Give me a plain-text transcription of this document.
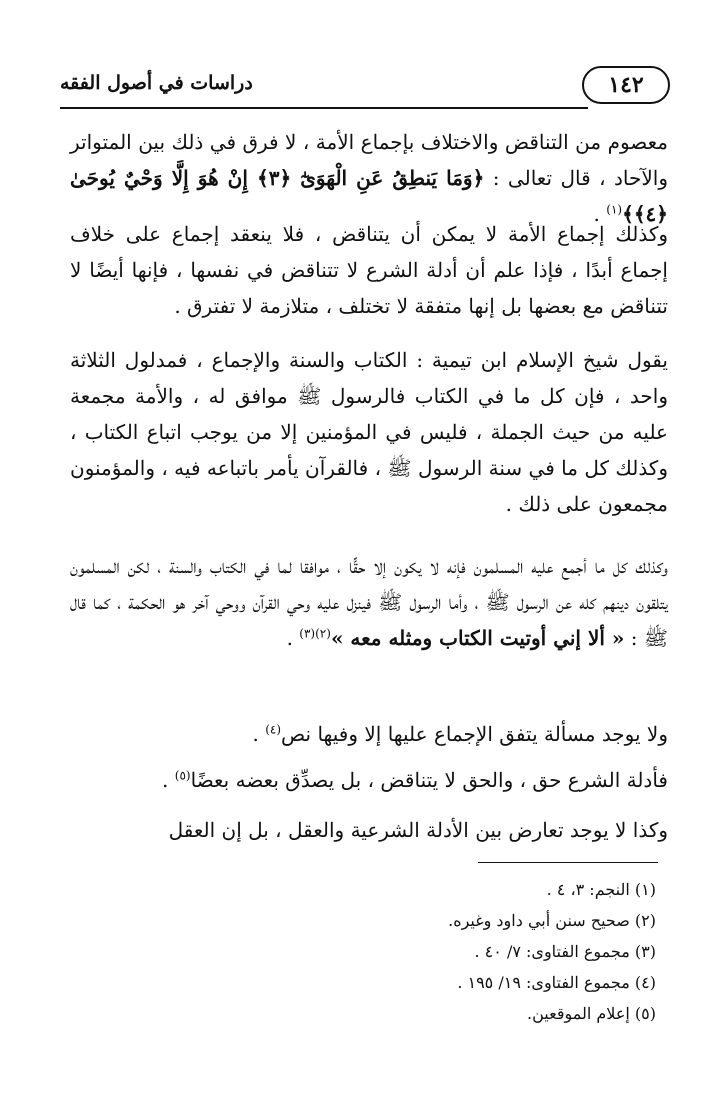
١٤٢
دراسات في أصول الفقه

معصوم من التناقض والاختلاف بإجماع الأمة ، لا فرق في ذلك بين المتواتر والآحاد ، قال تعالى : ﴿وَمَا يَنطِقُ عَنِ الْهَوَىٰٓ ﴿٣﴾ إِنْ هُوَ إِلَّا وَحْيٌ يُوحَىٰ ﴿٤﴾﴾$^{(١)}$ .

وكذلك إجماع الأمة لا يمكن أن يتناقض ، فلا ينعقد إجماع على خلاف إجماع أبدًا ، فإذا علم أن أدلة الشرع لا تتناقض في نفسها ، فإنها أيضًا لا تتناقض مع بعضها بل إنها متفقة لا تختلف ، متلازمة لا تفترق .

يقول شيخ الإسلام ابن تيمية : الكتاب والسنة والإجماع ، فمدلول الثلاثة واحد ، فإن كل ما في الكتاب فالرسول ﷺ موافق له ، والأمة مجمعة عليه من حيث الجملة ، فليس في المؤمنين إلا من يوجب اتباع الكتاب ، وكذلك كل ما في سنة الرسول ﷺ ، فالقرآن يأمر باتباعه فيه ، والمؤمنون مجمعون على ذلك .

وكذلك كل ما أجمع عليه المسلمون فإنه لا يكون إلا حقًّا ، موافقا لما في الكتاب والسنة ، لكن المسلمون يتلقون دينهم كله عن الرسول ﷺ ، وأما الرسول ﷺ فينزل عليه وحي القرآن ووحي آخر هو الحكمة ، كما قال ﷺ : « ألا إني أوتيت الكتاب ومثله معه »$^{(٢)(٣)}$ .

ولا يوجد مسألة يتفق الإجماع عليها إلا وفيها نص$^{(٤)}$ .

فأدلة الشرع حق ، والحق لا يتناقض ، بل يصدِّق بعضه بعضًا$^{(٥)}$ .

وكذا لا يوجد تعارض بين الأدلة الشرعية والعقل ، بل إن العقل

(١) النجم: ٣، ٤ .
(٢) صحيح سنن أبي داود وغيره.
(٣) مجموع الفتاوى: ٧/ ٤٠ .
(٤) مجموع الفتاوى: ١٩/ ١٩٥ .
(٥) إعلام الموقعين.
